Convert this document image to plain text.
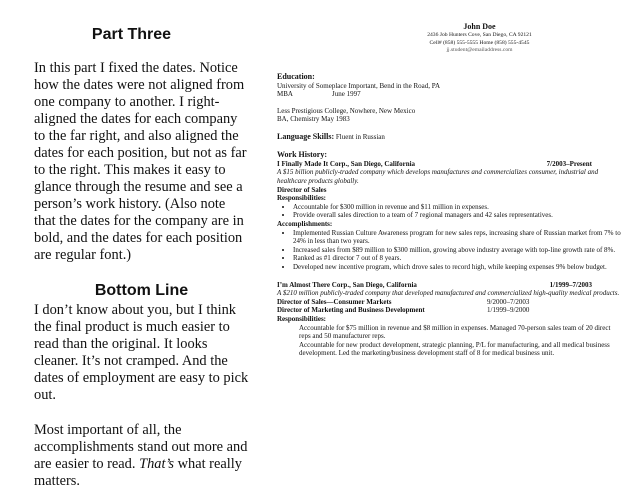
Part Three

In this part I fixed the dates. Notice how the dates were not aligned from one company to another. I right-aligned the dates for each company to the far right, and also aligned the dates for each position, but not as far to the right. This makes it easy to glance through the resume and see a person’s work history. (Also note that the dates for the company are in bold, and the dates for each position are regular font.)

Bottom Line

I don’t know about you, but I think the final product is much easier to read than the original. It looks cleaner. It’s not cramped. And the dates of employment are easy to pick out.

Most important of all, the accomplishments stand out more and are easier to read. That’s what really matters.

John Doe
2436 Job Hunters Cove, San Diego, CA 92121
Cell# (858) 555-5555 Home (858) 555-4545
jj.student@emailaddress.com
Education:
University of Someplace Important, Bend in the Road, PA
MBA	June 1997
Less Prestigious College, Nowhere, New Mexico
BA, Chemistry May 1983
Language Skills: Fluent in Russian
Work History:
I Finally Made It Corp., San Diego, California	7/2003–Present
A $15 billion publicly-traded company which develops manufactures and commercializes consumer, industrial and healthcare products globally.
Director of Sales
Responsibilities:
• Accountable for $300 million in revenue and $11 million in expenses.
• Provide overall sales direction to a team of 7 regional managers and 42 sales representatives.
Accomplishments:
• Implemented Russian Culture Awareness program for new sales reps, increasing share of Russian market from 7% to 24% in less than two years.
• Increased sales from $89 million to $300 million, growing above industry average with top-line growth rate of 8%.
• Ranked as #1 director 7 out of 8 years.
• Developed new incentive program, which drove sales to record high, while keeping expenses 9% below budget.
I’m Almost There Corp., San Diego, California	1/1999–7/2003
A $210 million publicly-traded company that developed manufactured and commercialized high-quality medical products.
Director of Sales—Consumer Markets	9/2000–7/2003
Director of Marketing and Business Development	1/1999–9/2000
Responsibilities:
Accountable for $75 million in revenue and $8 million in expenses. Managed 70-person sales team of 20 direct reps and 50 manufacturer reps.
Accountable for new product development, strategic planning, P/L for manufacturing, and all medical business development. Led the marketing/business development staff of 8 for medical business unit.
